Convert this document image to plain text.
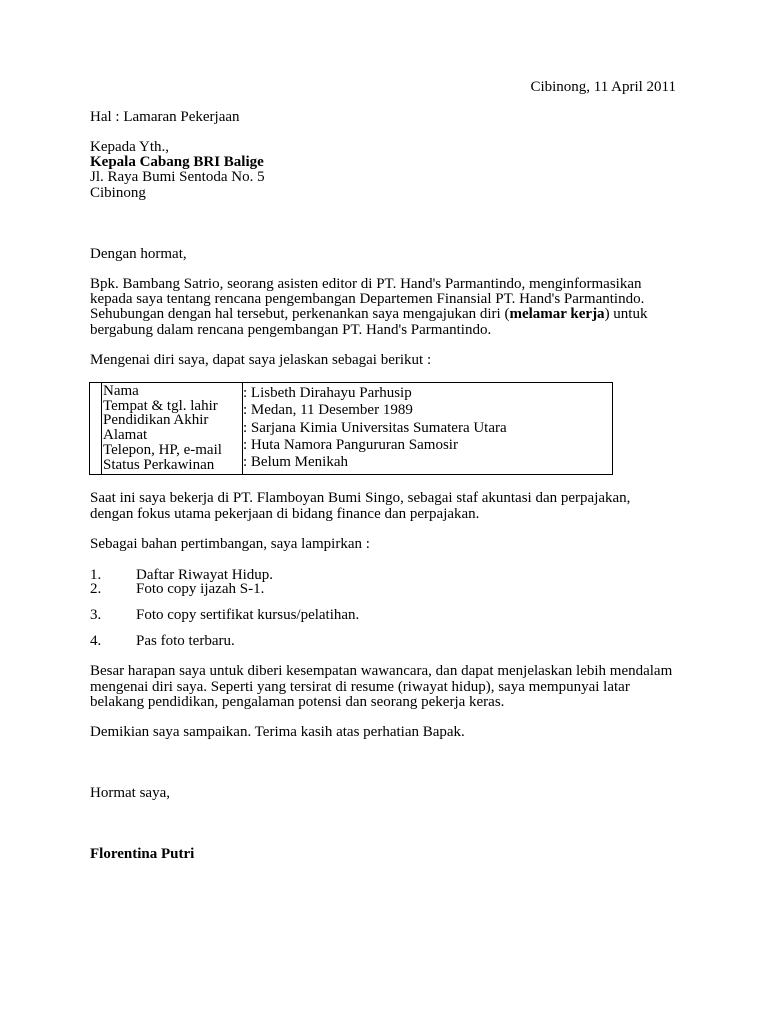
Cibinong, 11 April 2011
Hal : Lamaran Pekerjaan
Kepada Yth.,
Kepala Cabang BRI Balige
Jl. Raya Bumi Sentoda No. 5
Cibinong
Dengan hormat,
Bpk. Bambang Satrio, seorang asisten editor di PT. Hand's Parmantindo, menginformasikan
kepada saya tentang rencana pengembangan Departemen Finansial PT. Hand's Parmantindo.
Sehubungan dengan hal tersebut, perkenankan saya mengajukan diri (melamar kerja) untuk
bergabung dalam rencana pengembangan PT. Hand's Parmantindo.
Mengenai diri saya, dapat saya jelaskan sebagai berikut :
Nama
Tempat & tgl. lahir
Pendidikan Akhir
Alamat
Telepon, HP, e-mail
Status Perkawinan
: Lisbeth Dirahayu Parhusip
: Medan, 11 Desember 1989
: Sarjana Kimia Universitas Sumatera Utara
: Huta Namora Pangururan Samosir
: Belum Menikah
Saat ini saya bekerja di PT. Flamboyan Bumi Singo, sebagai staf akuntasi dan perpajakan,
dengan fokus utama pekerjaan di bidang finance dan perpajakan.
Sebagai bahan pertimbangan, saya lampirkan :
1. Daftar Riwayat Hidup.
2. Foto copy ijazah S-1.
3. Foto copy sertifikat kursus/pelatihan.
4. Pas foto terbaru.
Besar harapan saya untuk diberi kesempatan wawancara, dan dapat menjelaskan lebih mendalam
mengenai diri saya. Seperti yang tersirat di resume (riwayat hidup), saya mempunyai latar
belakang pendidikan, pengalaman potensi dan seorang pekerja keras.
Demikian saya sampaikan. Terima kasih atas perhatian Bapak.
Hormat saya,
Florentina Putri
